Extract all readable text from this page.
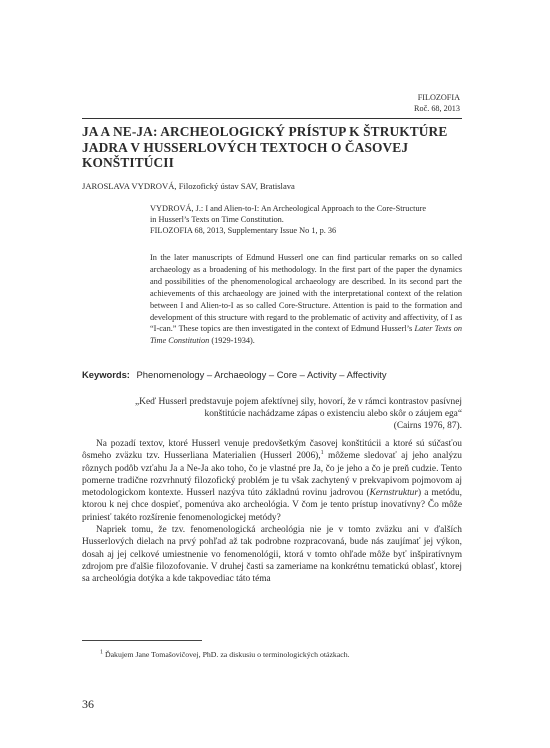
FILOZOFIA
Roč. 68, 2013
JA A NE-JA: ARCHEOLOGICKÝ PRÍSTUP K ŠTRUKTÚRE JADRA V HUSSERLOVÝCH TEXTOCH O ČASOVEJ KONŠTITÚCII
JAROSLAVA VYDROVÁ, Filozofický ústav SAV, Bratislava
VYDROVÁ, J.: I and Alien-to-I: An Archeological Approach to the Core-Structure
in Husserl’s Texts on Time Constitution.
FILOZOFIA 68, 2013, Supplementary Issue No 1, p. 36
In the later manuscripts of Edmund Husserl one can find particular remarks on so called archaeology as a broadening of his methodology. In the first part of the paper the dynamics and possibilities of the phenomenological archaeology are described. In its second part the achievements of this archaeology are joined with the interpretational context of the relation between I and Alien-to-I as so called Core-Structure. Attention is paid to the formation and development of this structure with regard to the problematic of activity and affectivity, of I as “I-can.” These topics are then investigated in the context of Edmund Husserl’s Later Texts on Time Constitution (1929-1934).
Keywords: Phenomenology – Archaeology – Core – Activity – Affectivity
„Keď Husserl predstavuje pojem afektívnej sily, hovorí, že v rámci kontrastov pasívnej
konštitúcie nachádzame zápas o existenciu alebo skôr o záujem ega“
(Cairns 1976, 87).

Na pozadí textov, ktoré Husserl venuje predovšetkým časovej konštitúcii a ktoré sú súčasťou ôsmeho zväzku tzv. Husserliana Materialien (Husserl 2006),$^1$ môžeme sledovať aj jeho analýzu rôznych podôb vzťahu Ja a Ne-Ja ako toho, čo je vlastné pre Ja, čo je jeho a čo je preň cudzie. Tento pomerne tradične rozvrhnutý filozofický problém je tu však zachytený v prekvapivom pojmovom aj metodologickom kontexte. Husserl nazýva túto základnú rovinu jadrovou (Kernstruktur) a metódu, ktorou k nej chce dospieť, pomenúva ako archeológia. V čom je tento prístup inovatívny? Čo môže priniesť takéto rozšírenie fenomenologickej metódy?

Napriek tomu, že tzv. fenomenologická archeológia nie je v tomto zväzku ani v ďalších Husserlových dielach na prvý pohľad až tak podrobne rozpracovaná, bude nás zaujímať jej výkon, dosah aj jej celkové umiestnenie vo fenomenológii, ktorá v tomto ohľade môže byť inšpiratívnym zdrojom pre ďalšie filozofovanie. V druhej časti sa zameriame na konkrétnu tematickú oblasť, ktorej sa archeológia dotýka a kde takpovediac táto téma

$^1$ Ďakujem Jane Tomašovičovej, PhD. za diskusiu o terminologických otázkach.
36
